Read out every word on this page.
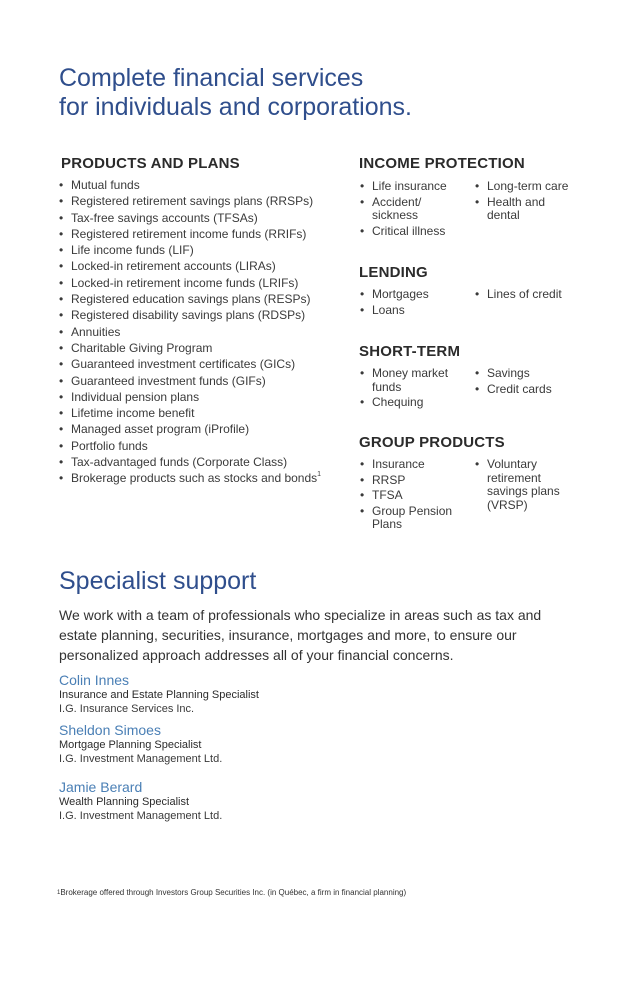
Complete financial services
for individuals and corporations.
PRODUCTS AND PLANS
• Mutual funds
• Registered retirement savings plans (RRSPs)
• Tax-free savings accounts (TFSAs)
• Registered retirement income funds (RRIFs)
• Life income funds (LIF)
• Locked-in retirement accounts (LIRAs)
• Locked-in retirement income funds (LRIFs)
• Registered education savings plans (RESPs)
• Registered disability savings plans (RDSPs)
• Annuities
• Charitable Giving Program
• Guaranteed investment certificates (GICs)
• Guaranteed investment funds (GIFs)
• Individual pension plans
• Lifetime income benefit
• Managed asset program (iProfile)
• Portfolio funds
• Tax-advantaged funds (Corporate Class)
• Brokerage products such as stocks and bonds$^1$
INCOME PROTECTION
• Life insurance
• Accident/ sickness
• Critical illness
• Long-term care
• Health and dental
LENDING
• Mortgages
• Loans
• Lines of credit
SHORT-TERM
• Money market funds
• Chequing
• Savings
• Credit cards
GROUP PRODUCTS
• Insurance
• RRSP
• TFSA
• Group Pension Plans
• Voluntary retirement savings plans (VRSP)
Specialist support
We work with a team of professionals who specialize in areas such as tax and estate planning, securities, insurance, mortgages and more, to ensure our personalized approach addresses all of your financial concerns.
Colin Innes
Insurance and Estate Planning Specialist
I.G. Insurance Services Inc.
Sheldon Simoes
Mortgage Planning Specialist
I.G. Investment Management Ltd.
Jamie Berard
Wealth Planning Specialist
I.G. Investment Management Ltd.
$^1$Brokerage offered through Investors Group Securities Inc. (in Québec, a firm in financial planning)
